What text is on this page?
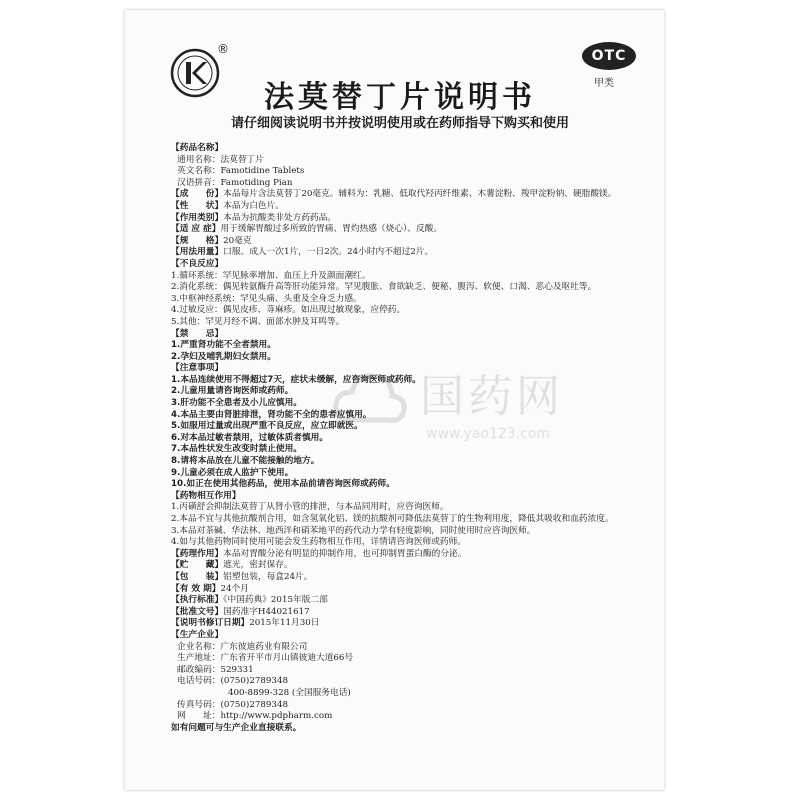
®	OTC
甲类
法莫替丁片说明书
请仔细阅读说明书并按说明使用或在药师指导下购买和使用
【药品名称】
通用名称：法莫替丁片
英文名称：Famotidine Tablets
汉语拼音：Famotiding Pian
【成　　份】本品每片含法莫替丁20毫克。辅料为：乳糖、低取代羟丙纤维素、木薯淀粉、羧甲淀粉钠、硬脂酸镁。
【性　　状】本品为白色片。
【作用类别】本品为抗酸类非处方药药品。
【适 应 症】用于缓解胃酸过多所致的胃痛、胃灼热感（烧心）、反酸。
【规　　格】20毫克
【用法用量】口服。成人一次1片，一日2次。24小时内不超过2片。
【不良反应】
1.循环系统：罕见脉率增加、血压上升及颜面潮红。
2.消化系统：偶见转氨酶升高等肝功能异常。罕见腹胀、食欲缺乏、便秘、腹泻、软便、口渴、恶心及呕吐等。
3.中枢神经系统：罕见头痛、头重及全身乏力感。
4.过敏反应：偶见皮疹、荨麻疹。如出现过敏现象，应停药。
5.其他：罕见月经不调、面部水肿及耳鸣等。
【禁　　忌】
1.严重肾功能不全者禁用。
2.孕妇及哺乳期妇女禁用。
【注意事项】
1.本品连续使用不得超过7天，症状未缓解，应咨询医师或药师。
2.儿童用量请咨询医师或药师。
3.肝功能不全患者及小儿应慎用。
4.本品主要由肾脏排泄，肾功能不全的患者应慎用。
5.如服用过量或出现严重不良反应，应立即就医。
6.对本品过敏者禁用，过敏体质者慎用。
7.本品性状发生改变时禁止使用。
8.请将本品放在儿童不能接触的地方。
9.儿童必须在成人监护下使用。
10.如正在使用其他药品，使用本品前请咨询医师或药师。
【药物相互作用】
1.丙磺舒会抑制法莫替丁从肾小管的排泄，与本品同用时，应咨询医师。
2.本品不宜与其他抗酸剂合用，如含氢氧化铝、镁的抗酸剂可降低法莫替丁的生物利用度，降低其吸收和血药浓度。
3.本品对茶碱、华法林、地西泮和硝苯地平的药代动力学有轻度影响，同时使用时应咨询医师。
4.如与其他药物同时使用可能会发生药物相互作用，详情请咨询医师或药师。
【药理作用】本品对胃酸分泌有明显的抑制作用，也可抑制胃蛋白酶的分泌。
【贮　　藏】遮光，密封保存。
【包　　装】铝塑包装，每盒24片。
【有 效 期】24个月
【执行标准】《中国药典》2015年版二部
【批准文号】国药准字H44021617
【说明书修订日期】2015年11月30日
【生产企业】
企业名称：广东彼迪药业有限公司
生产地址：广东省开平市月山镇彼迪大道66号
邮政编码：529331
电话号码：(0750)2789348
400-8899-328 (全国服务电话)
传真号码：(0750)2789348
网　　址：http://www.pdpharm.com
如有问题可与生产企业直接联系。
